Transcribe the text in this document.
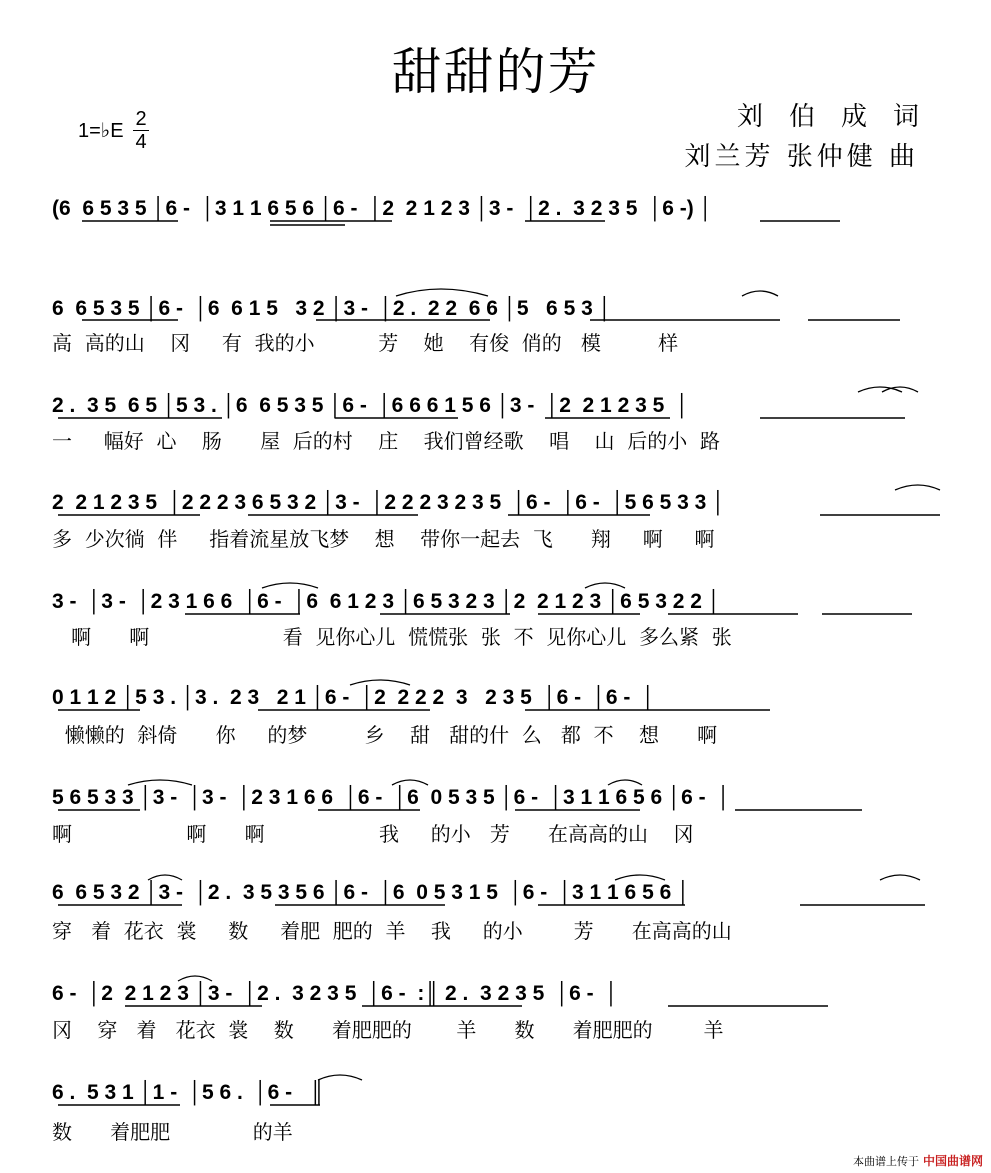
甜甜的芳
1=♭E
2
4
刘伯成词
刘兰芳 张仲健 曲
(6  6 5 3 5 │6 -  │3 1 1 6 5 6 │6 -  │2  2 1 2 3 │3 -  │2 .  3 2 3 5  │6 -) │
6  6 5 3 5 │6 -  │6  6 1 5   3 2 │3 -  │2 .  2 2  6 6 │5   6 5 3 │
高  高的山    冈     有  我的小          芳    她    有俊  俏的   模         样
2 .  3 5  6 5 │5 3 . │6  6 5 3 5 │6 -  │6 6 6 1 5 6 │3 -  │2  2 1 2 3 5  │
一     幅好  心    肠      屋  后的村    庄    我们曾经歌    唱    山  后的小  路
2  2 1 2 3 5  │2 2 2 3 6 5 3 2 │3 -  │2 2 2 3 2 3 5  │6 -  │6 -  │5 6 5 3 3 │
多  少次徜  伴     指着流星放飞梦    想    带你一起去  飞      翔     啊     啊
3 -  │3 -  │2 3 1 6 6  │6 -  │6  6 1 2 3 │6 5 3 2 3 │2  2 1 2 3 │6 5 3 2 2 │
啊      啊                     看  见你心儿  慌慌张  张  不  见你心儿  多么紧  张
0 1 1 2 │5 3 . │3 .  2 3   2 1 │6 -  │2  2 2 2  3   2 3 5  │6 -  │6 -  │
懒懒的  斜倚      你     的梦         乡    甜   甜的什  么   都  不    想      啊
5 6 5 3 3 │3 -  │3 -  │2 3 1 6 6  │6 -  │6  0 5 3 5 │6 -  │3 1 1 6 5 6 │6 -  │
啊                  啊      啊                  我     的小   芳      在高高的山    冈
6  6 5 3 2 │3 -  │2 .  3 5 3 5 6 │6 -  │6  0 5 3 1 5  │6 -  │3 1 1 6 5 6 │
穿   着  花衣  裳     数     着肥  肥的  羊    我     的小        芳      在高高的山
6 -  │2  2 1 2 3 │3 -  │2 .  3 2 3 5  │6 -  :║ 2 .  3 2 3 5  │6 -  │
冈    穿   着   花衣  裳    数      着肥肥的       羊      数      着肥肥的        羊
6 .  5 3 1 │1 -  │5 6 .  │6 -   ║
数      着肥肥             的羊
本曲谱上传于 中国曲谱网
